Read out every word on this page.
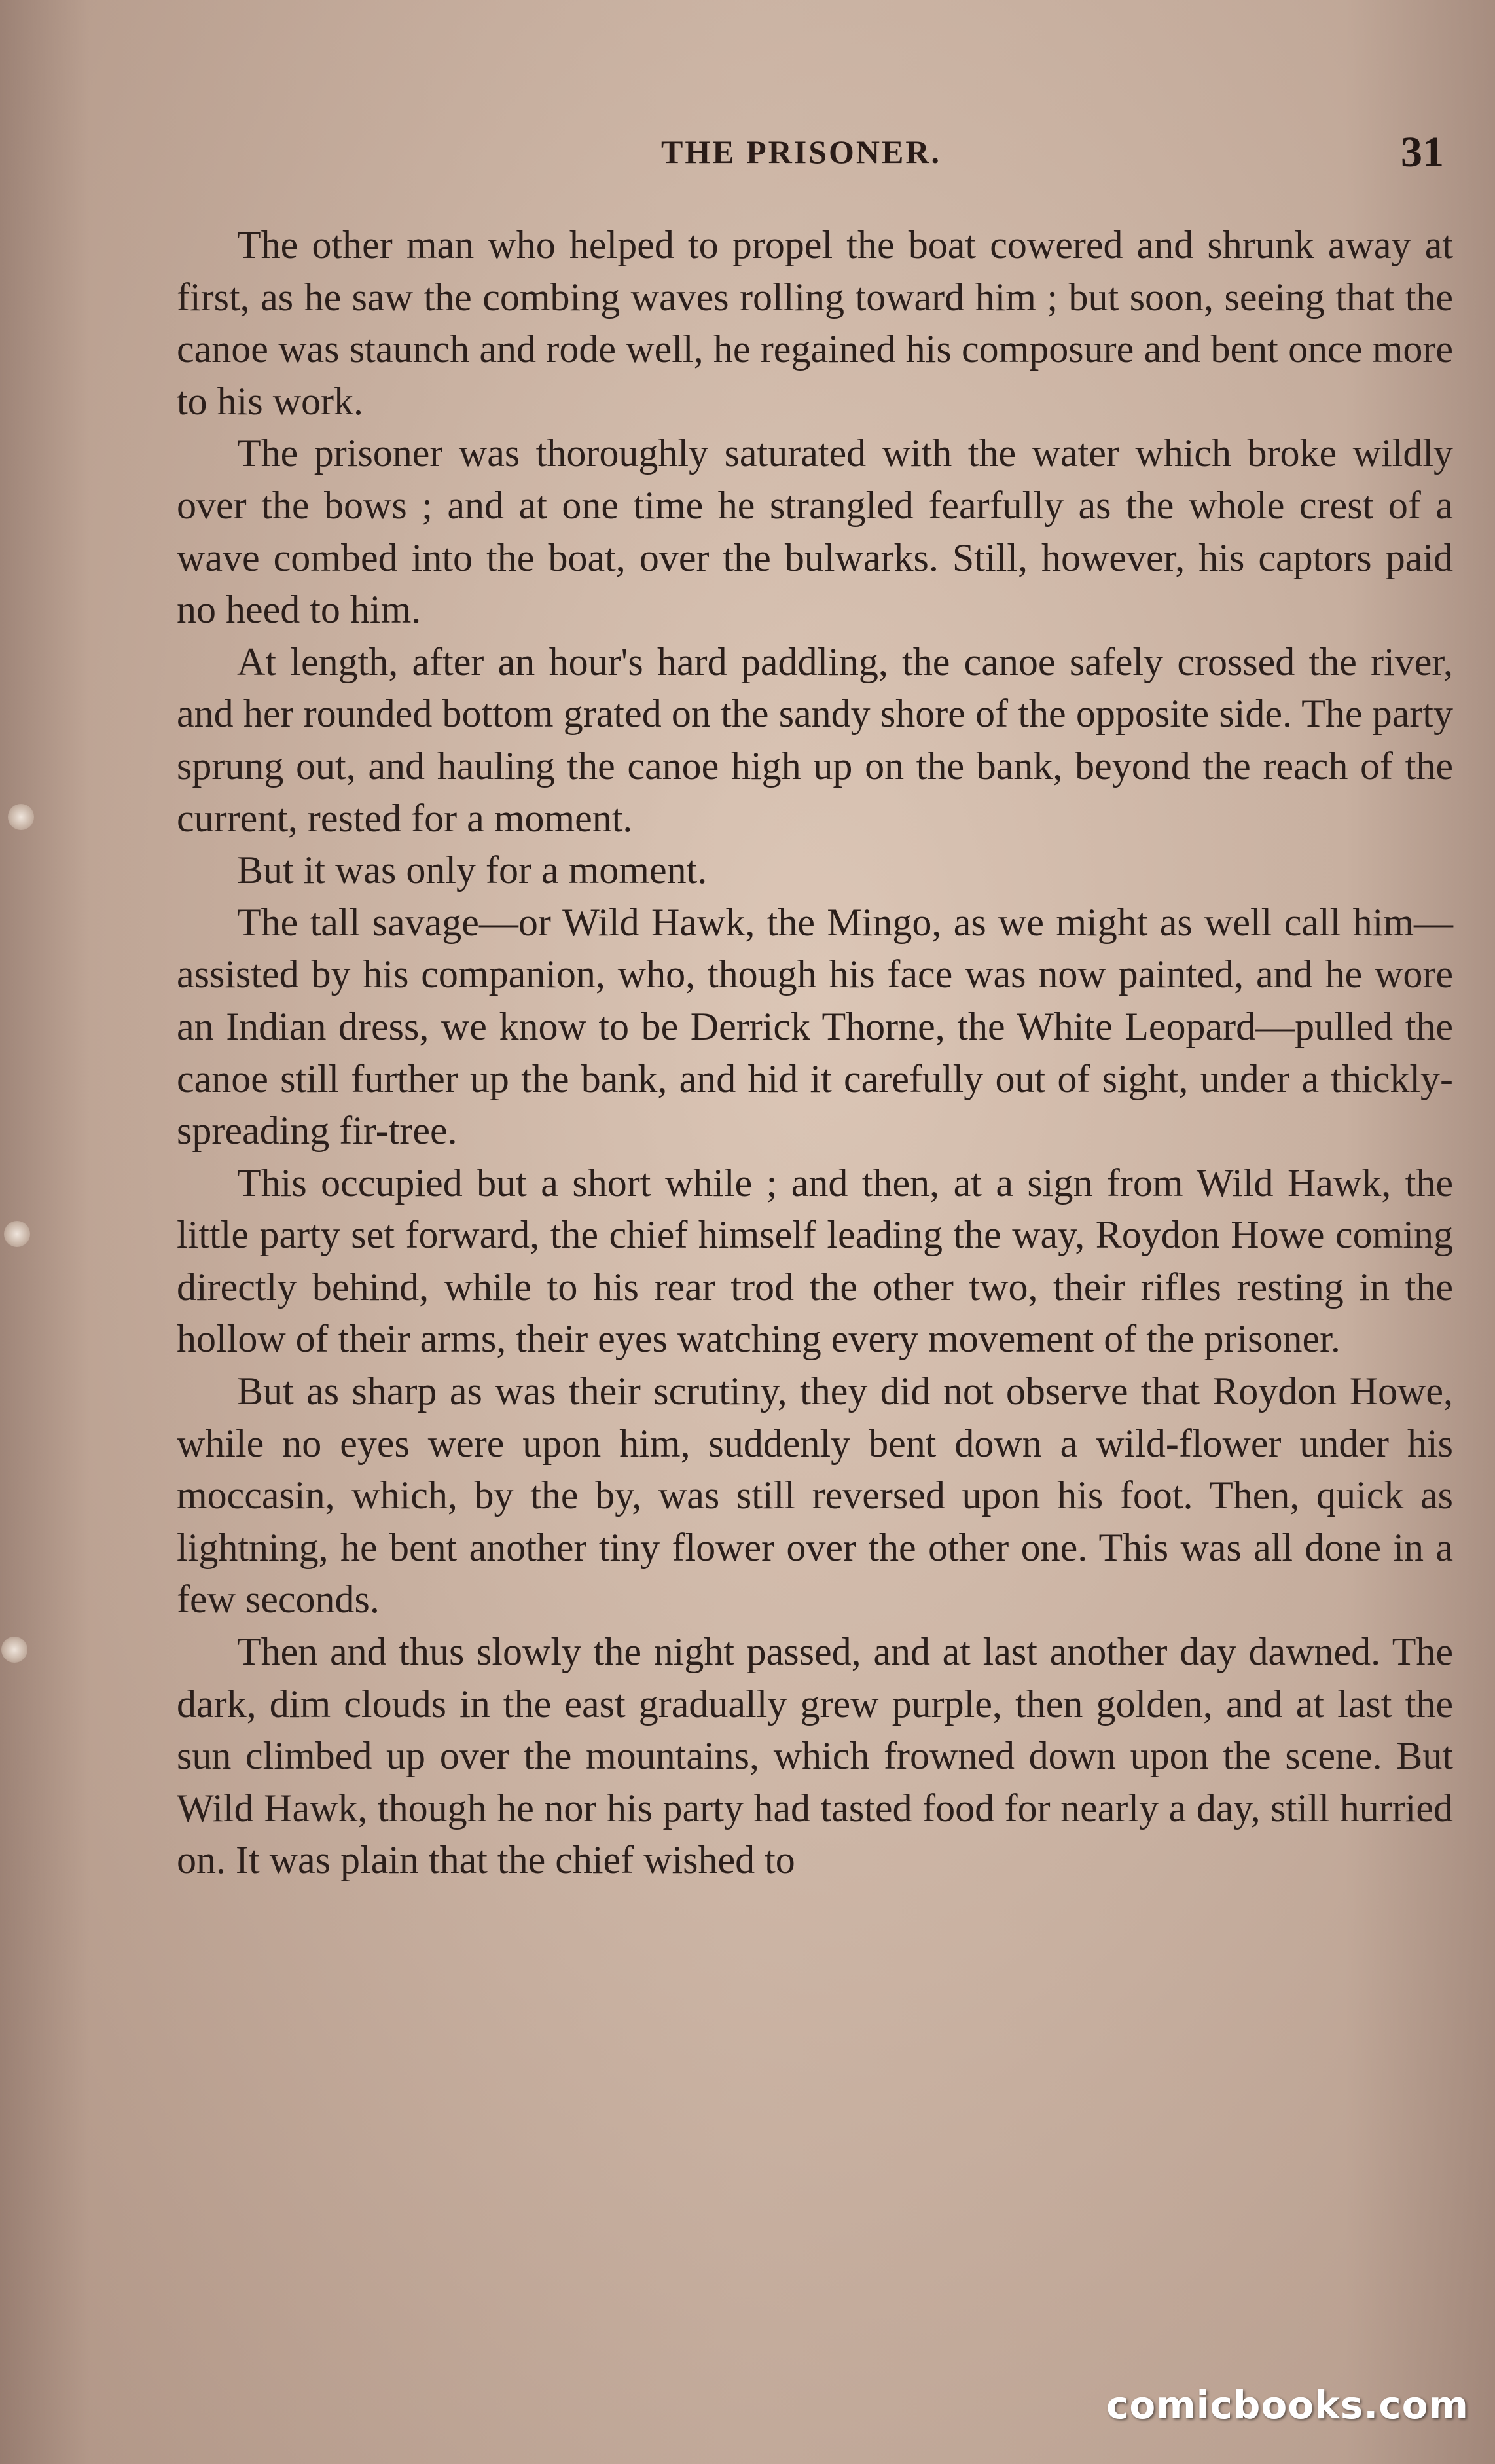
THE PRISONER.	31

The other man who helped to propel the boat cowered and shrunk away at first, as he saw the combing waves rolling toward him ; but soon, seeing that the canoe was staunch and rode well, he regained his composure and bent once more to his work.

The prisoner was thoroughly saturated with the water which broke wildly over the bows ; and at one time he strangled fearfully as the whole crest of a wave combed into the boat, over the bulwarks. Still, however, his captors paid no heed to him.

At length, after an hour's hard paddling, the canoe safely crossed the river, and her rounded bottom grated on the sandy shore of the opposite side. The party sprung out, and hauling the canoe high up on the bank, beyond the reach of the current, rested for a moment.

But it was only for a moment.

The tall savage—or Wild Hawk, the Mingo, as we might as well call him—assisted by his companion, who, though his face was now painted, and he wore an Indian dress, we know to be Derrick Thorne, the White Leopard—pulled the canoe still further up the bank, and hid it carefully out of sight, under a thickly-spreading fir-tree.

This occupied but a short while ; and then, at a sign from Wild Hawk, the little party set forward, the chief himself leading the way, Roydon Howe coming directly behind, while to his rear trod the other two, their rifles resting in the hollow of their arms, their eyes watching every movement of the prisoner.

But as sharp as was their scrutiny, they did not observe that Roydon Howe, while no eyes were upon him, suddenly bent down a wild-flower under his moccasin, which, by the by, was still reversed upon his foot. Then, quick as lightning, he bent another tiny flower over the other one. This was all done in a few seconds.

Then and thus slowly the night passed, and at last another day dawned. The dark, dim clouds in the east gradually grew purple, then golden, and at last the sun climbed up over the mountains, which frowned down upon the scene. But Wild Hawk, though he nor his party had tasted food for nearly a day, still hurried on. It was plain that the chief wished to

comicbooks.com
